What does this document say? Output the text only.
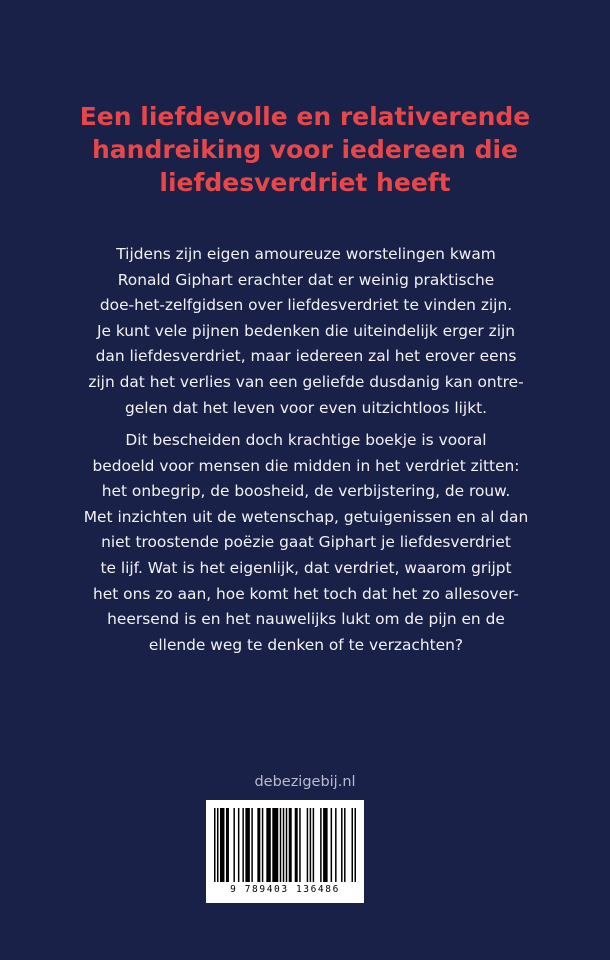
Een liefdevolle en relativerende
handreiking voor iedereen die
liefdesverdriet heeft

Tijdens zijn eigen amoureuze worstelingen kwam
Ronald Giphart erachter dat er weinig praktische
doe-het-zelfgidsen over liefdesverdriet te vinden zijn.
Je kunt vele pijnen bedenken die uiteindelijk erger zijn
dan liefdesverdriet, maar iedereen zal het erover eens
zijn dat het verlies van een geliefde dusdanig kan ontre-
gelen dat het leven voor even uitzichtloos lijkt.

Dit bescheiden doch krachtige boekje is vooral
bedoeld voor mensen die midden in het verdriet zitten:
het onbegrip, de boosheid, de verbijstering, de rouw.
Met inzichten uit de wetenschap, getuigenissen en al dan
niet troostende poëzie gaat Giphart je liefdesverdriet
te lijf. Wat is het eigenlijk, dat verdriet, waarom grijpt
het ons zo aan, hoe komt het toch dat het zo allesover-
heersend is en het nauwelijks lukt om de pijn en de
ellende weg te denken of te verzachten?

debezigebij.nl

9 789403 136486
